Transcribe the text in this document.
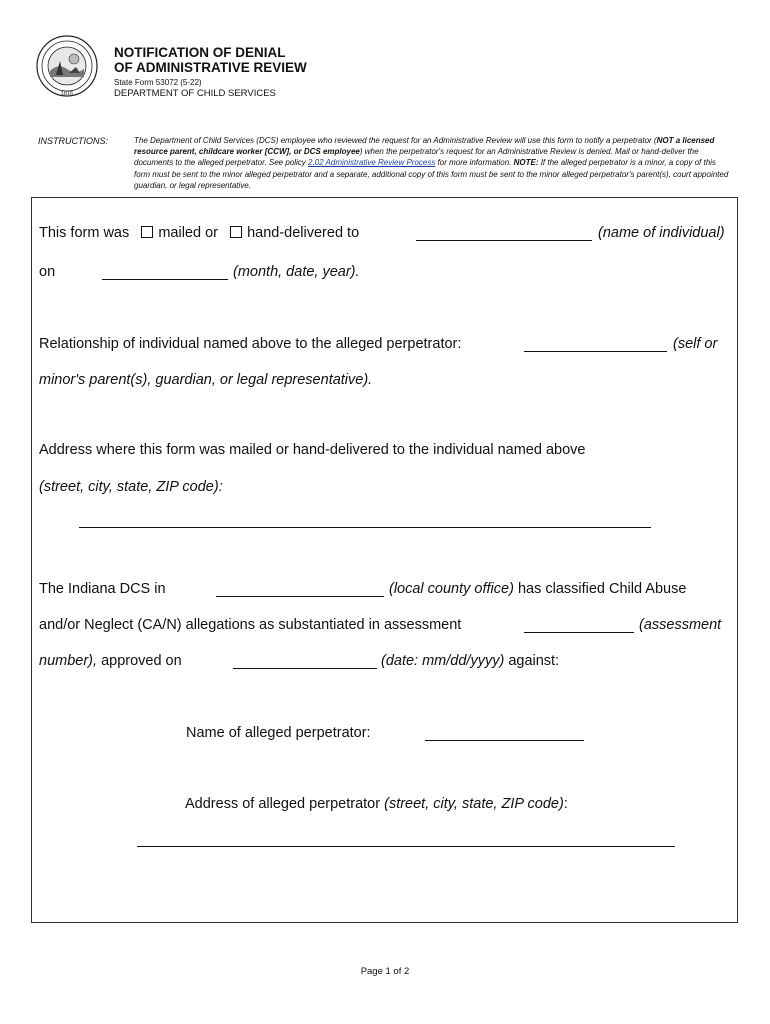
1816
NOTIFICATION OF DENIAL
OF ADMINISTRATIVE REVIEW
State Form 53072 (5-22)
DEPARTMENT OF CHILD SERVICES
INSTRUCTIONS:	The Department of Child Services (DCS) employee who reviewed the request for an Administrative Review will use this form to notify a perpetrator (NOT a licensed resource parent, childcare worker [CCW], or DCS employee) when the perpetrator's request for an Administrative Review is denied. Mail or hand-deliver the documents to the alleged perpetrator. See policy 2.02 Administrative Review Process for more information. NOTE: If the alleged perpetrator is a minor, a copy of this form must be sent to the minor alleged perpetrator and a separate, additional copy of this form must be sent to the minor alleged perpetrator's parent(s), court appointed guardian, or legal representative.
This form was mailed or hand-delivered to	(name of individual)
on	(month, date, year).
Relationship of individual named above to the alleged perpetrator:	(self or
minor's parent(s), guardian, or legal representative).
Address where this form was mailed or hand-delivered to the individual named above
(street, city, state, ZIP code):
The Indiana DCS in	(local county office) has classified Child Abuse
and/or Neglect (CA/N) allegations as substantiated in assessment	(assessment
number), approved on	(date: mm/dd/yyyy) against:
Name of alleged perpetrator:
Address of alleged perpetrator (street, city, state, ZIP code):
Page 1 of 2
